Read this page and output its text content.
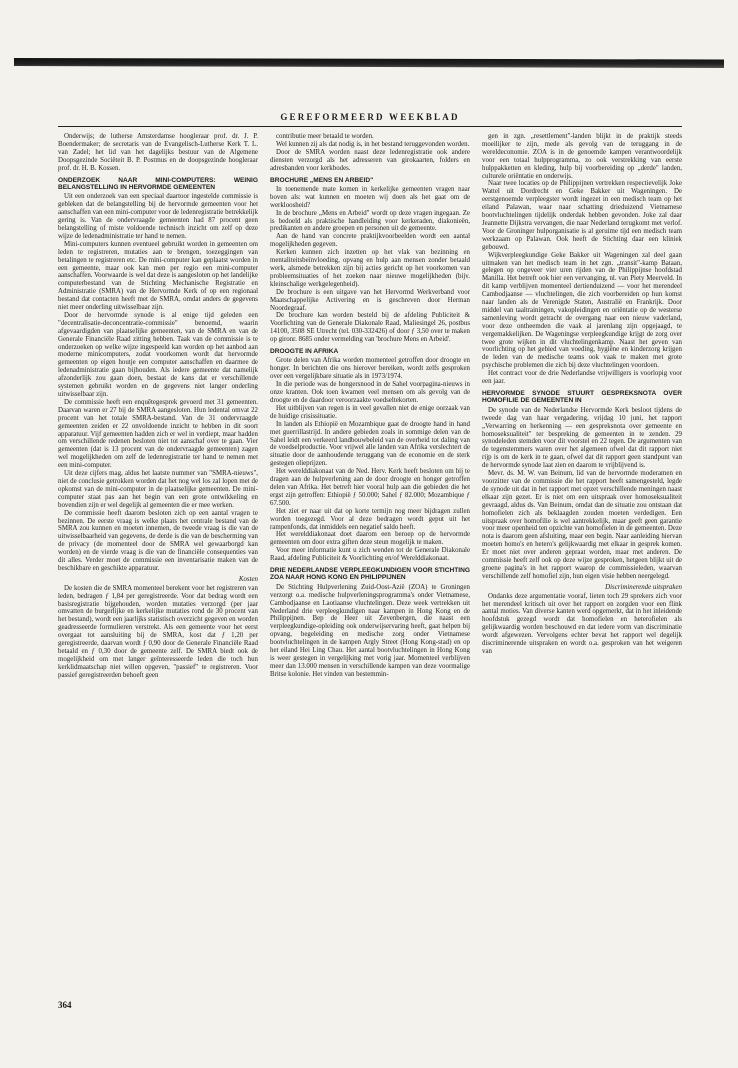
GEREFORMEERD WEEKBLAD

Onderwijs; de lutherse Amsterdamse hoogleraar prof. dr. J. P. Boendermaker; de secretaris van de Evangelisch-Lutherse Kerk T. L. van Zadel; het lid van het dagelijks bestuur van de Algemene Doopsgezinde Sociëteit B. P. Postmus en de doopsgezinde hoogleraar prof. dr. H. B. Kossen.

ONDERZOEK NAAR MINI-COMPUTERS: WEINIG BELANGSTELLING IN HERVORMDE GEMEENTEN

Uit een onderzoek van een speciaal daartoor ingestelde commissie is gebleken dat de belangstelling bij de hervormde gemeenten voor het aanschaffen van een mini-computer voor de ledenregistratie betrekkelijk gering is. Van de ondervraagde gemeenten had 87 procent geen belangstelling of miste voldoende technisch inzicht om zelf op deze wijze de ledenadministratie ter hand te nemen.

Mini-computers kunnen eventueel gebruikt worden in gemeenten om leden te registreren, mutaties aan te brengen, toezeggingen van betalingen te registreren etc. De mini-computer kan geplaatst worden in een gemeente, maar ook kan men per regio een mini-computer aanschaffen. Voorwaarde is wel dat deze is aangesloten op het landelijke computerbestand van de Stichting Mechanische Registratie en Administratie (SMRA) van de Hervormde Kerk of op een regionaal bestand dat contacten heeft met de SMRA, omdat anders de gegevens niet meer onderling uitwisselbaar zijn.

Door de hervormde synode is al enige tijd geleden een "decentralisatie-deconcentratie-commissie" benoemd, waarin afgevaardigden van plaatselijke gemeenten, van de SMRA en van de Generale Financiële Raad zitting hebben. Taak van de commissie is te onderzoeken op welke wijze ingespeeld kan worden op het aanbod aan moderne minicomputers, zodat voorkomen wordt dat hervormde gemeenten op eigen houtje een computer aanschaffen en daarmee de ledenadministratie gaan bijhouden. Als iedere gemeente dat namelijk afzonderlijk zou gaan doen, bestaat de kans dat er verschillende systemen gebruikt worden en de gegevens niet langer onderling uitwisselbaar zijn.

De commissie heeft een enquêtegesprek gevoerd met 31 gemeenten. Daarvan waren er 27 bij de SMRA aangesloten. Hun ledental omvat 22 procent van het totale SMRA-bestand. Van de 31 ondervraagde gemeenten zeiden er 22 onvoldoende inzicht te hebben in dit soort apparatuur. Vijf gemeenten hadden zich er wel in verdiept, maar hadden om verschillende redenen besloten niet tot aanschaf over te gaan. Vier gemeenten (dat is 13 procent van de ondervraagde gemeenten) zagen wel mogelijkheden om zelf de ledenregistratie ter hand te nemen met een mini-computer.

Uit deze cijfers mag, aldus het laatste nummer van "SMRA-nieuws", niet de conclusie getrokken worden dat het nog wel los zal lopen met de opkomst van de mini-computer in de plaatselijke gemeenten. De mini-computer staat pas aan het begin van een grote ontwikkeling en bovendien zijn er wel degelijk al gemeenten die er mee werken.

De commissie heeft daarom besloten zich op een aantal vragen te bezinnen. De eerste vraag is welke plaats het centrale bestand van de SMRA zou kunnen en moeten innemen, de tweede vraag is die van de uitwisselbaarheid van gegevens, de derde is die van de bescherming van de privacy (de momenteel door de SMRA wel gewaarborgd kan worden) en de vierde vraag is die van de financiële consequenties van dit alles. Verder moet de commissie een inventarisatie maken van de beschikbare en geschikte apparatuur.

Kosten

De kosten die de SMRA momenteel berekent voor het registreren van leden, bedragen ƒ 1,84 per geregistreerde. Voor dat bedrag wordt een basisregistratie bijgehouden, worden mutaties verzorgd (per jaar omvatten de burgerlijke en kerkelijke mutaties rond de 30 procent van het bestand), wordt een jaarlijks statistisch overzicht gegeven en worden geadresseerde formulieren verstrekt. Als een gemeente voor het eerst overgaat tot aansluiting bij de SMRA, kost dat ƒ 1,20 per geregistreerde, daarvan wordt ƒ 0,90 door de Generale Financiële Raad betaald en ƒ 0,30 door de gemeente zelf. De SMRA biedt ook de mogelijkheid om met langer geïnteresseerde leden die toch hun kerklidmaatschap niet willen opgeven, "passief" te registreren. Voor passief geregistreerden behoeft geen

contributie meer betaald te worden.

Wel kunnen zij als dat nodig is, in het bestand teruggevonden worden.

Door de SMRA worden naast deze ledenregistratie ook andere diensten verzorgd als het adresseren van girokaarten, folders en adresbanden voor kerkbodes.

BROCHURE „MENS EN ARBEID"

In toenemende mate komen in kerkelijke gemeenten vragen naar boven als: wat kunnen en moeten wij doen als het gaat om de werkloosheid?

In de brochure „Mens en Arbeid" wordt op deze vragen ingegaan. Ze is bedoeld als praktische handleiding voor kerkeraden, diakonieën, predikanten en andere groepen en personen uit de gemeente.

Aan de hand van concrete praktijkvoorbeelden wordt een aantal mogelijkheden gegeven.

Kerken kunnen zich inzetten op het vlak van bezinning en mentaliteitsbeïnvloeding, opvang en hulp aan mensen zonder betaald werk, alsmede betrekken zijn bij acties gericht op het voorkomen van probleemsituaties of het zoeken naar nieuwe mogelijkheden (bijv. kleinschalige werkgelegenheid).

De brochure is een uitgave van het Hervormd Werkverband voor Maatschappelijke Activering en is geschreven door Herman Noordegraaf.

De brochure kan worden besteld bij de afdeling Publiciteit & Voorlichting van de Generale Diakonale Raad, Maliesingel 26, postbus 14100, 3508 SE Utrecht (tel. 030-332426) of door ƒ 3,50 over te maken op gironr. 8685 onder vermelding van 'brochure Mens en Arbeid'.

DROOGTE IN AFRIKA

Grote delen van Afrika worden momenteel getroffen door droogte en honger. In berichten die ons hierover bereiken, wordt zelfs gesproken over een vergelijkbare situatie als in 1973/1974.

In die periode was de hongersnood in de Sahel voorpagina-nieuws in onze kranten. Ook toen kwamen veel mensen om als gevolg van de droogte en de daardoor veroorzaakte voedseltekorten.

Het uitblijven van regen is in veel gevallen niet de enige oorzaak van de huidige crisissituatie.

In landen als Ethiopië en Mozambique gaat de droogte hand in hand met guerrillastrijd. In andere gebieden zoals in sommige delen van de Sahel leidt een verkeerd landbouwbeleid van de overheid tot daling van de voedselproductie. Voor vrijwel alle landen van Afrika verslechtert de situatie door de aanhoudende teruggang van de economie en de sterk gestegen olieprijzen.

Het werelddiakonaat van de Ned. Herv. Kerk heeft besloten om bij te dragen aan de hulpverlening aan de door droogte en honger getroffen delen van Afrika. Het betreft hier vooral hulp aan die gebieden die het ergst zijn getroffen: Ethiopië ƒ 50.000; Sahel ƒ 82.000; Mozambique ƒ 67.500.

Het ziet er naar uit dat op korte termijn nog meer bijdragen zullen worden toegezegd. Voor al deze bedragen wordt geput uit het rampenfonds, dat inmiddels een negatief saldo heeft.

Het werelddiakonaat doet daarom een beroep op de hervormde gemeenten om door extra giften deze steun mogelijk te maken.

Voor meer informatie kunt u zich wenden tot de Generale Diakonale Raad, afdeling Publiciteit & Voorlichting en/of Werelddiakonaat.

DRIE NEDERLANDSE VERPLEEGKUNDIGEN VOOR STICHTING ZOA NAAR HONG KONG EN PHILIPPIJNEN

De Stichting Hulpverlening Zuid-Oost-Azië (ZOA) te Groningen verzorgt o.a. medische hulpverleningsprogramma's onder Vietnamese, Cambodjaanse en Laotiaanse vluchtelingen. Deze week vertrekken uit Nederland drie verpleegkundigen naar kampen in Hong Kong en de Philippijnen. Bep de Heer uit Zevenbergen, die naast een verpleegkundige-opleiding ook onderwijservaring heeft, gaat helpen bij opvang, begeleiding en medische zorg onder Vietnamese bootvluchtelingen in de kampen Argly Street (Hong Kong-stad) en op het eiland Hei Ling Chau. Het aantal bootvluchtelingen in Hong Kong is weer gestegen in vergelijking met vorig jaar. Momenteel verblijven meer dan 13.000 mensen in verschillende kampen van deze voormalige Britse kolonie. Het vinden van bestemmin-

gen in zgn. „resettlement"-landen blijkt in de praktijk steeds moeilijker te zijn, mede als gevolg van de teruggang in de wereldeconomie. ZOA is in de genoemde kampen verantwoordelijk voor een totaal hulpprogramma, zo ook verstrekking van eerste hulppakketten en kleding, hulp bij voorbereiding op „derde" landen, culturele oriëntatie en onderwijs.

Naar twee locaties op de Philippijnen vertrekken respectievelijk Joke Wattel uit Dordrecht en Geke Bakker uit Wageningen. De eerstgenoemde verpleegster wordt ingezet in een medisch team op het eiland Palawan, waar naar schatting drieduizend Vietnamese bootvluchtelingen tijdelijk onderdak hebben gevonden. Joke zal daar Jeannette Dijkstra vervangen, die naar Nederland terugkomt met verlof. Voor de Groninger hulporganisatie is al geruime tijd een medisch team werkzaam op Palawan. Ook heeft de Stichting daar een kliniek gebouwd.

Wijkverpleegkundige Geke Bakker uit Wageningen zal deel gaan uitmaken van het medisch team in het zgn. „transit"-kamp Bataan, gelegen op ongeveer vier uren rijden van de Philippijnse hoofdstad Manilla. Het betreft ook hier een vervanging, nl. van Piety Meerveld. In dit kamp verblijven momenteel dertienduizend — voor het merendeel Cambodjaanse — vluchtelingen, die zich voorbereiden op hun komst naar landen als de Verenigde Staten, Australië en Frankrijk. Door middel van taaltrainingen, vakopleidingen en oriëntatie op de westerse samenleving wordt getracht de overgang naar een nieuw vaderland, voor deze ontheemden die vaak al jarenlang zijn opgejaagd, te vergemakkelijken. De Wageningse verpleegkundige krijgt de zorg over twee grote wijken in dit vluchtelingenkamp. Naast het geven van voorlichting op het gebied van voeding, hygiëne en kinderzorg krijgen de leden van de medische teams ook vaak te maken met grote psychische problemen die zich bij deze vluchtelingen voordoen.

Het contract voor de drie Nederlandse vrijwilligers is voorlopig voor een jaar.

HERVORMDE SYNODE STUURT GESPREKSNOTA OVER HOMOFILIE DE GEMEENTEN IN

De synode van de Nederlandse Hervormde Kerk besloot tijdens de tweede dag van haar vergadering, vrijdag 10 juni, het rapport „Verwarring en herkenning — een gespreksnota over gemeente en homoseksualiteit" ter bespreking de gemeenten in te zenden. 29 synodeleden stemden voor dit voorstel en 22 tegen. De argumenten van de tegenstemmers waren over het algemeen ofwel dat dit rapport niet rijp is om de kerk in te gaan, ofwel dat dit rapport geen standpunt van de hervormde synode laat zien en daarom te vrijblijvend is.

Mevr. ds. M. W. van Beinum, lid van de hervormde moderamen en voorzitter van de commissie die het rapport heeft samengesteld, legde de synode uit dat in het rapport met opzet verschillende meningen naast elkaar zijn gezet. Er is niet om een uitspraak over homoseksualiteit gevraagd, aldus ds. Van Beinum, omdat dan de situatie zou ontstaan dat homofielen zich als beklaagden zouden moeten verdedigen. Een uitspraak over homofilie is wel aantrekkelijk, maar geeft geen garantie voor meer openheid ten opzichte van homofielen in de gemeenten. Deze nota is daarom geen afsluiting, maar een begin. Naar aanleiding hiervan moeten homo's en hetero's gelijkwaardig met elkaar in gesprek komen. Er moet niet over anderen gepraat worden, maar met anderen. De commissie heeft zelf ook op deze wijze gesproken, hetgeen blijkt uit de groene pagina's in het rapport waarop de commissieleden, waarvan verschillende zelf homofiel zijn, hun eigen visie hebben neergelegd.

Discriminerende uitspraken

Ondanks deze argumentatie vooraf, lieten toch 29 sprekers zich voor het merendeel kritisch uit over het rapport en zorgden voor een flink aantal moties. Van diverse kanten werd opgemerkt, dat in het inleidende hoofdstuk gezegd wordt dat homofielen en heterofielen als gelijkwaardig worden beschouwd en dat iedere vorm van discriminatie wordt afgewezen. Vervolgens echter bevat het rapport wel degelijk discriminerende uitspraken en wordt o.a. gesproken van het weigeren van

364
